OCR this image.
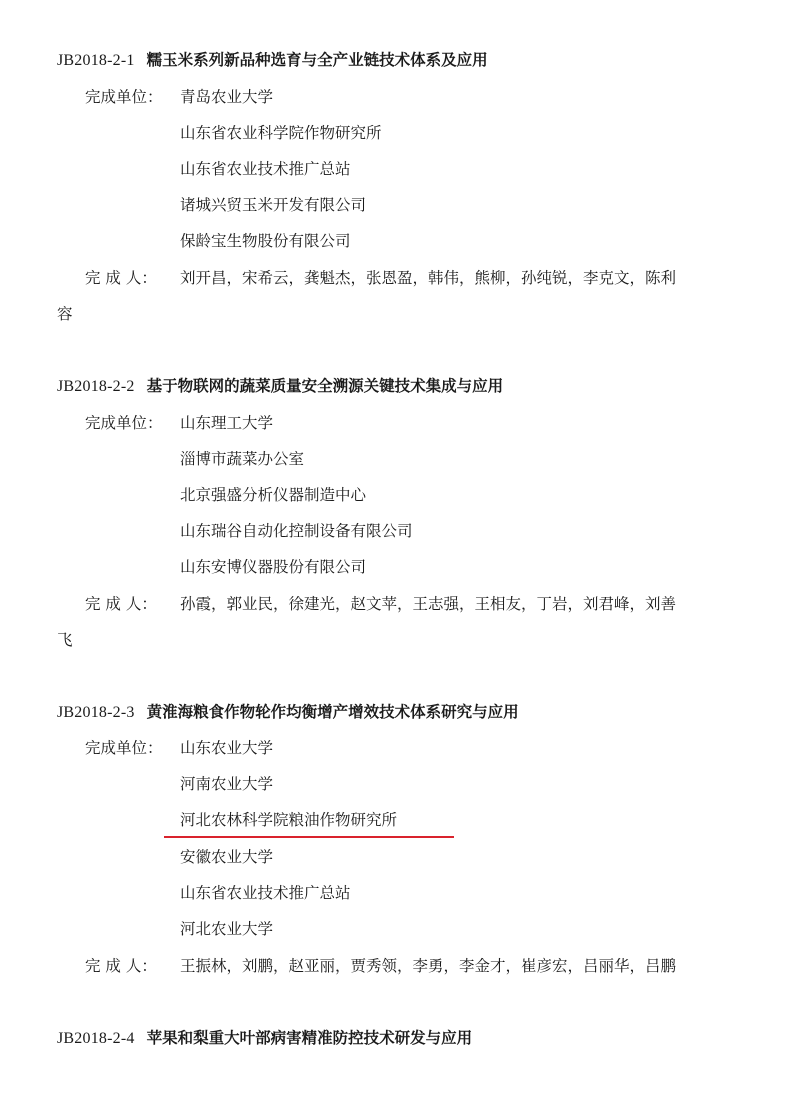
JB2018-2-1 糯玉米系列新品种选育与全产业链技术体系及应用
完成单位： 青岛农业大学
山东省农业科学院作物研究所
山东省农业技术推广总站
诸城兴贸玉米开发有限公司
保龄宝生物股份有限公司
完 成 人： 刘开昌，宋希云，龚魁杰，张恩盈，韩伟，熊柳，孙纯锐，李克文，陈利
容
JB2018-2-2 基于物联网的蔬菜质量安全溯源关键技术集成与应用
完成单位： 山东理工大学
淄博市蔬菜办公室
北京强盛分析仪器制造中心
山东瑞谷自动化控制设备有限公司
山东安博仪器股份有限公司
完 成 人： 孙霞，郭业民，徐建光，赵文苹，王志强，王相友，丁岩，刘君峰，刘善
飞
JB2018-2-3 黄淮海粮食作物轮作均衡增产增效技术体系研究与应用
完成单位： 山东农业大学
河南农业大学
河北农林科学院粮油作物研究所
安徽农业大学
山东省农业技术推广总站
河北农业大学
完 成 人： 王振林，刘鹏，赵亚丽，贾秀领，李勇，李金才，崔彦宏，吕丽华，吕鹏
JB2018-2-4 苹果和梨重大叶部病害精准防控技术研发与应用
